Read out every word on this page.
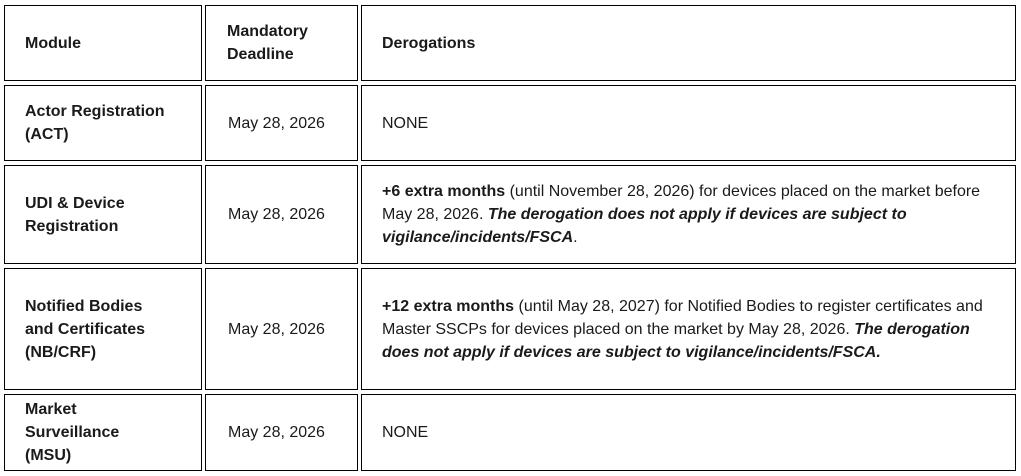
Module
Mandatory Deadline
Derogations
Actor Registration (ACT)
May 28, 2026	NONE
UDI & Device Registration
May 28, 2026
+6 extra months (until November 28, 2026) for devices placed on the market before May 28, 2026. The derogation does not apply if devices are subject to vigilance/incidents/FSCA.
Notified Bodies and Certificates (NB/CRF)
May 28, 2026
+12 extra months (until May 28, 2027) for Notified Bodies to register certificates and Master SSCPs for devices placed on the market by May 28, 2026. The derogation does not apply if devices are subject to vigilance/incidents/FSCA.
Market Surveillance (MSU)
May 28, 2026	NONE
